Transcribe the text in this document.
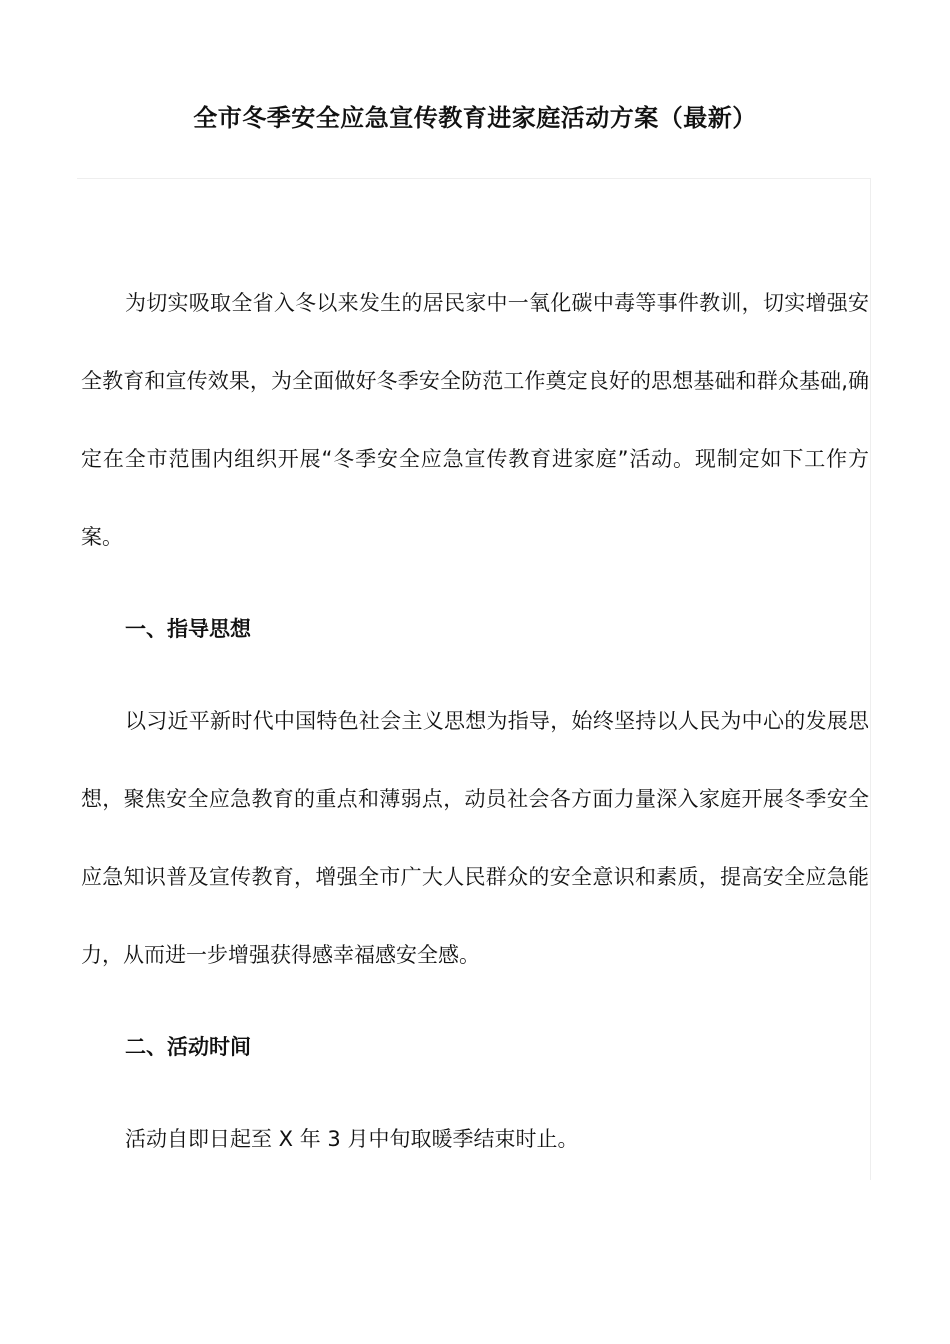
全市冬季安全应急宣传教育进家庭活动方案（最新）

为切实吸取全省入冬以来发生的居民家中一氧化碳中毒等事件教训，切实增强安全教育和宣传效果，为全面做好冬季安全防范工作奠定良好的思想基础和群众基础,确定在全市范围内组织开展“冬季安全应急宣传教育进家庭”活动。现制定如下工作方案。

一、指导思想

以习近平新时代中国特色社会主义思想为指导，始终坚持以人民为中心的发展思想，聚焦安全应急教育的重点和薄弱点，动员社会各方面力量深入家庭开展冬季安全应急知识普及宣传教育，增强全市广大人民群众的安全意识和素质，提高安全应急能力，从而进一步增强获得感幸福感安全感。

二、活动时间

活动自即日起至 X 年 3 月中旬取暖季结束时止。
